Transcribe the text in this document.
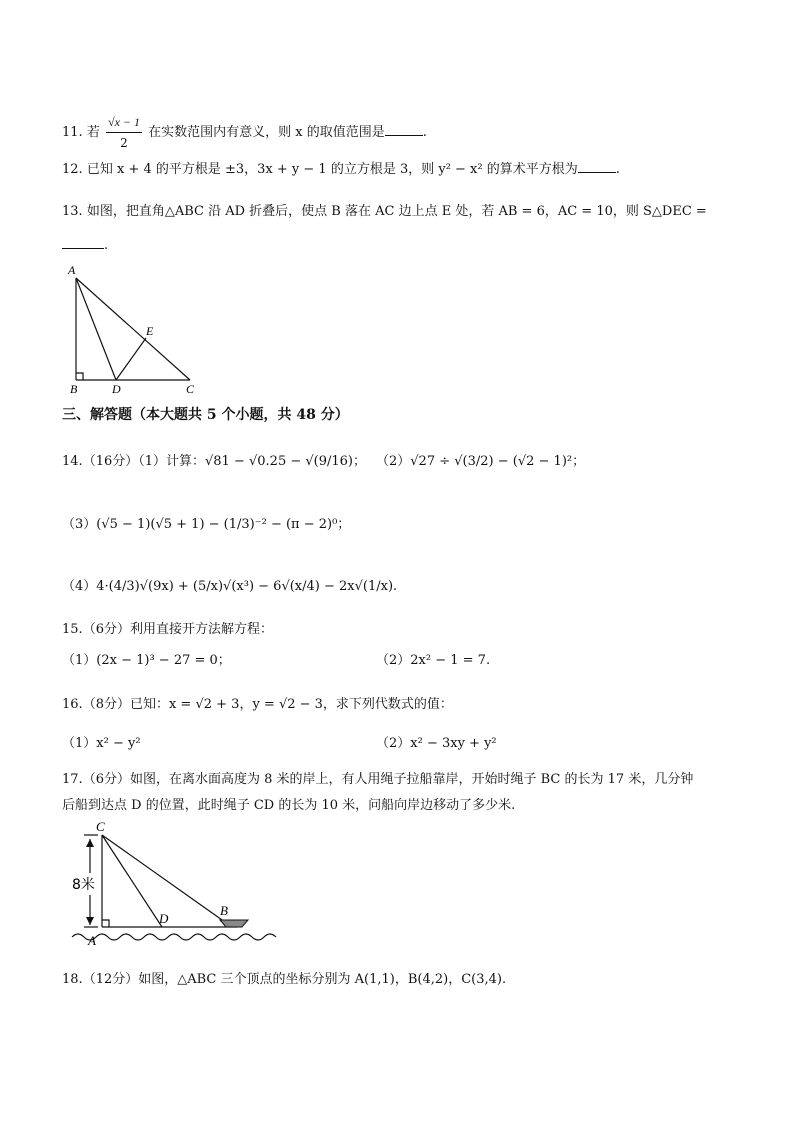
11. 若 $\frac{√x - 1}{2}$ 在实数范围内有意义，则 x 的取值范围是	.
12. 已知 x + 4 的平方根是 ±3，3x + y − 1 的立方根是 3，则 y² − x² 的算术平方根为	.
13. 如图，把直角△ABC 沿 AD 折叠后，使点 B 落在 AC 边上点 E 处，若 AB = 6，AC = 10，则 S△DEC =
.
A
E
B	D	C
三、解答题（本大题共 5 个小题，共 48 分）
14.（16分）（1）计算：√81 − √0.25 − √(9/16)； （2）√27 ÷ √(3/2) − (√2 − 1)²；
（3）(√5 − 1)(√5 + 1) − (1/3)⁻² − (π − 2)⁰；
（4）4·(4/3)√(9x) + (5/x)√(x³) − 6√(x/4) − 2x√(1/x).
15.（6分）利用直接开方法解方程：
（1）(2x − 1)³ − 27 = 0；	（2）2x² − 1 = 7.
16.（8分）已知：x = √2 + 3，y = √2 − 3，求下列代数式的值：
（1）x² − y²	（2）x² − 3xy + y²
17.（6分）如图，在离水面高度为 8 米的岸上，有人用绳子拉船靠岸，开始时绳子 BC 的长为 17 米，几分钟
后船到达点 D 的位置，此时绳子 CD 的长为 10 米，问船向岸边移动了多少米.
8米
C
D
B
A
18.（12分）如图，△ABC 三个顶点的坐标分别为 A(1,1)，B(4,2)，C(3,4).
